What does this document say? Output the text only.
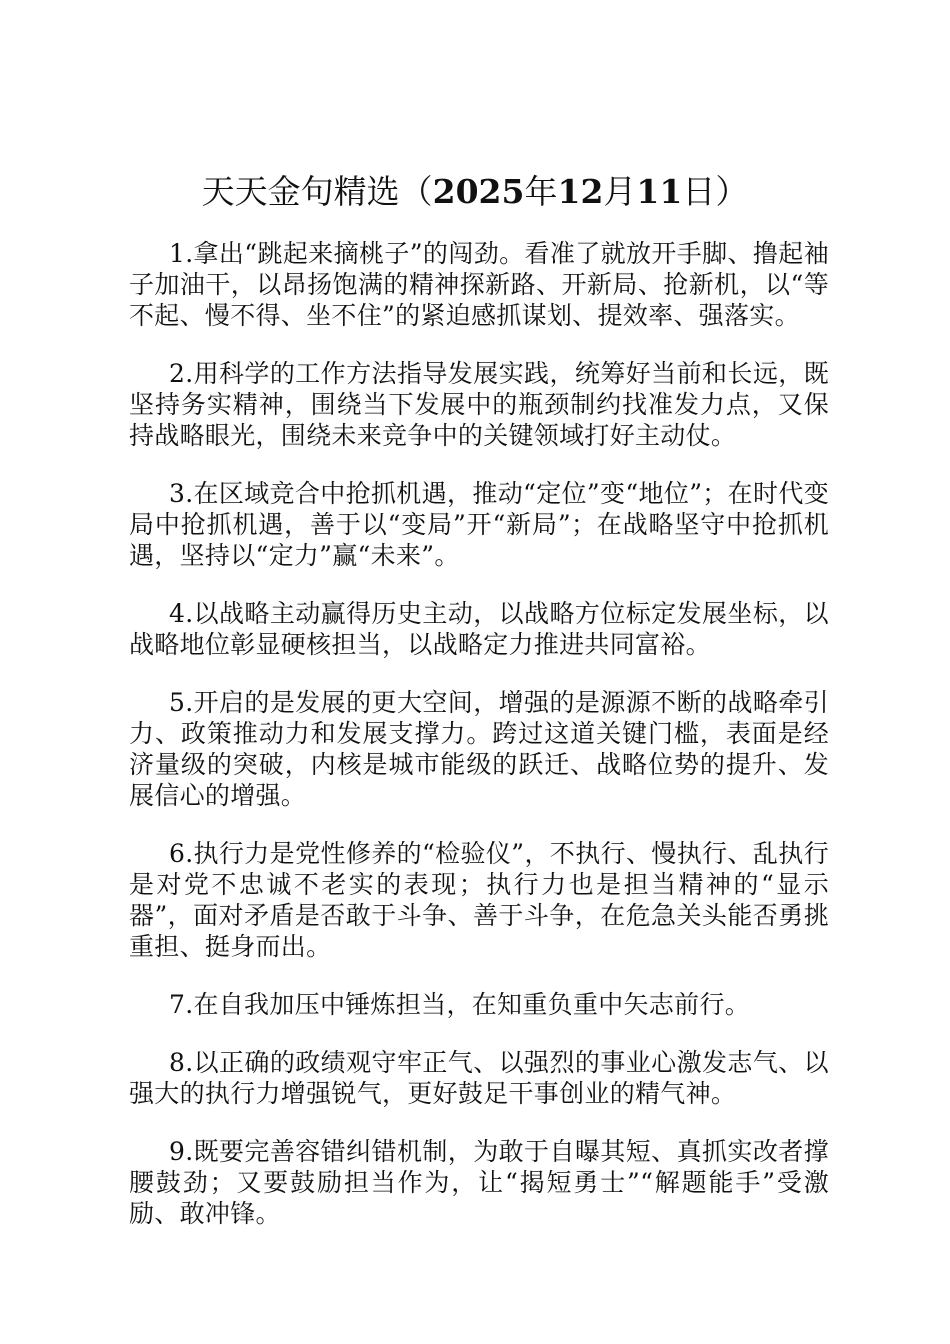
天天金句精选（2025年12月11日）

1.拿出“跳起来摘桃子”的闯劲。看准了就放开手脚、撸起袖子加油干，以昂扬饱满的精神探新路、开新局、抢新机，以“等不起、慢不得、坐不住”的紧迫感抓谋划、提效率、强落实。

2.用科学的工作方法指导发展实践，统筹好当前和长远，既坚持务实精神，围绕当下发展中的瓶颈制约找准发力点，又保持战略眼光，围绕未来竞争中的关键领域打好主动仗。

3.在区域竞合中抢抓机遇，推动“定位”变“地位”；在时代变局中抢抓机遇，善于以“变局”开“新局”；在战略坚守中抢抓机遇，坚持以“定力”赢“未来”。

4.以战略主动赢得历史主动，以战略方位标定发展坐标，以战略地位彰显硬核担当，以战略定力推进共同富裕。

5.开启的是发展的更大空间，增强的是源源不断的战略牵引力、政策推动力和发展支撑力。跨过这道关键门槛，表面是经济量级的突破，内核是城市能级的跃迁、战略位势的提升、发展信心的增强。

6.执行力是党性修养的“检验仪”，不执行、慢执行、乱执行是对党不忠诚不老实的表现；执行力也是担当精神的“显示器”，面对矛盾是否敢于斗争、善于斗争，在危急关头能否勇挑重担、挺身而出。

7.在自我加压中锤炼担当，在知重负重中矢志前行。

8.以正确的政绩观守牢正气、以强烈的事业心激发志气、以强大的执行力增强锐气，更好鼓足干事创业的精气神。

9.既要完善容错纠错机制，为敢于自曝其短、真抓实改者撑腰鼓劲；又要鼓励担当作为，让“揭短勇士”“解题能手”受激励、敢冲锋。
